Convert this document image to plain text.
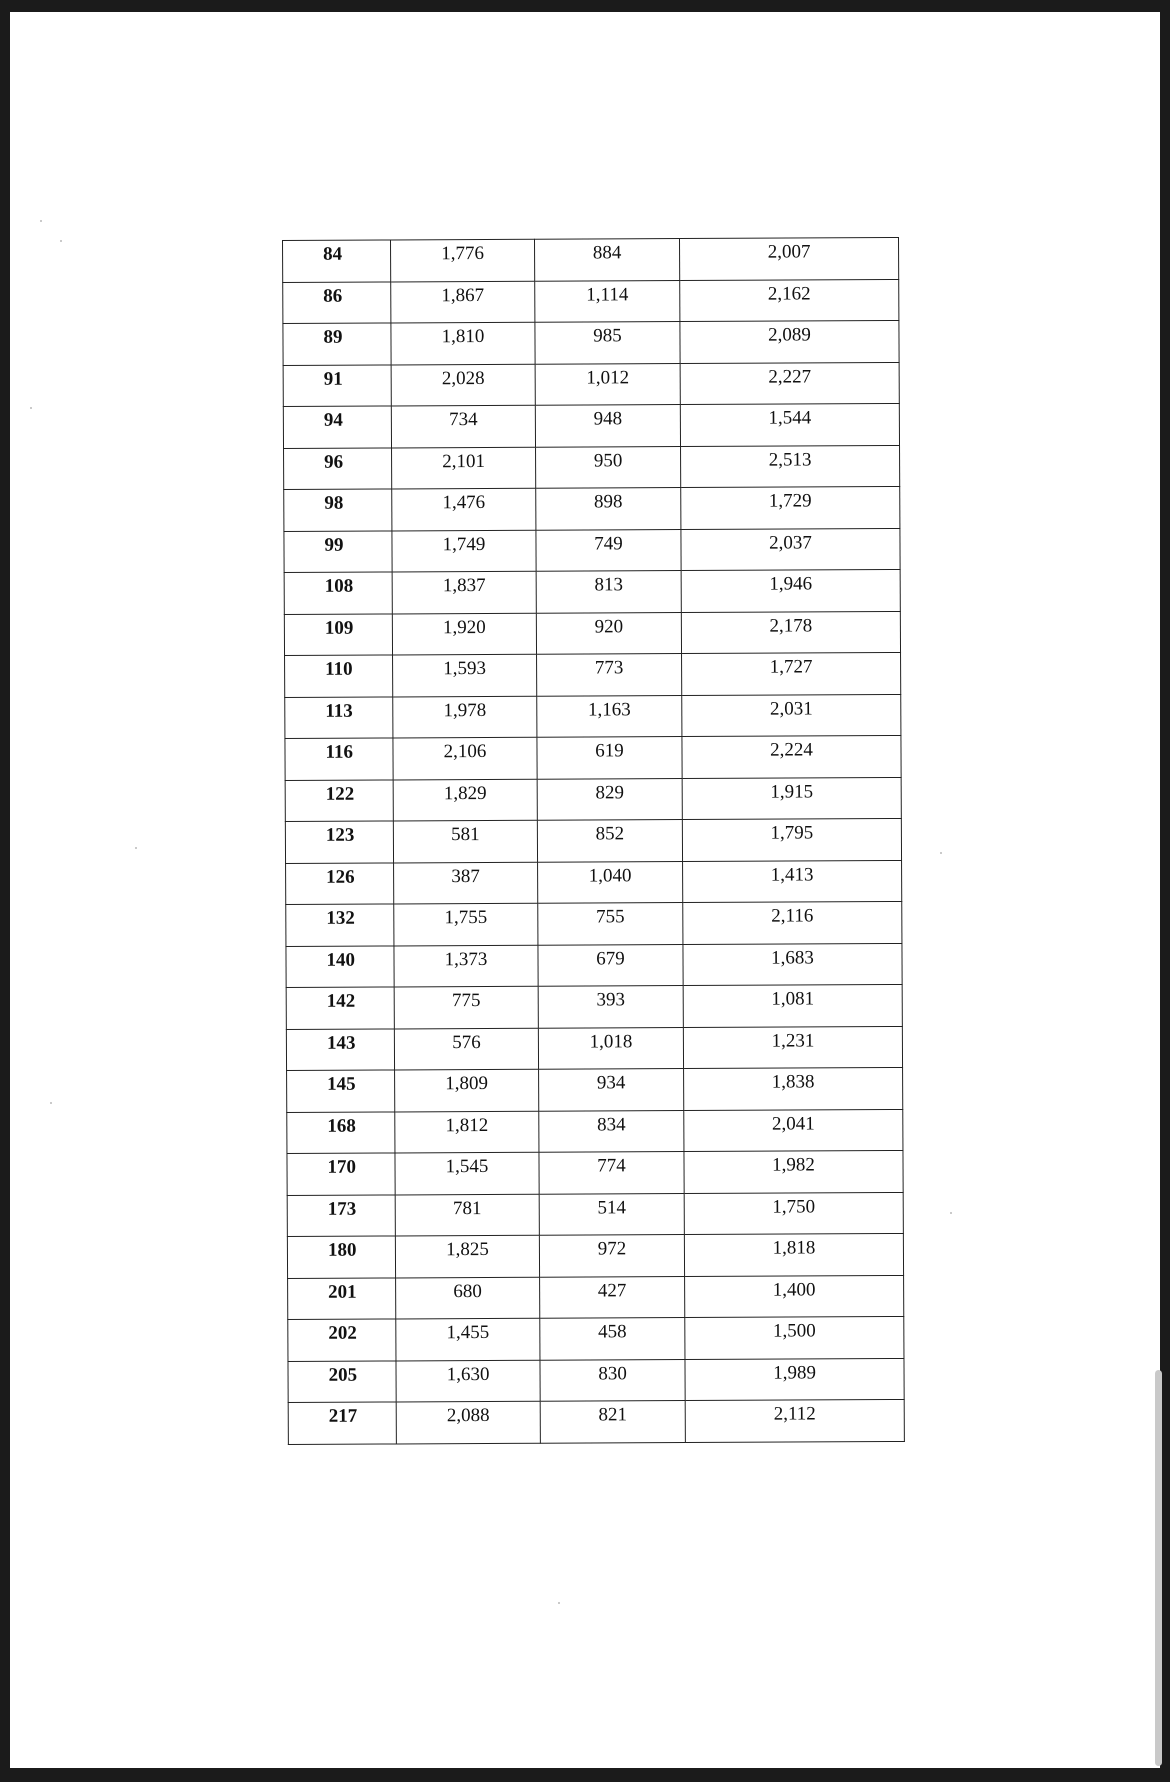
84	1,776	884	2,007
86	1,867	1,114	2,162
89	1,810	985	2,089
91	2,028	1,012	2,227
94	734	948	1,544
96	2,101	950	2,513
98	1,476	898	1,729
99	1,749	749	2,037
108	1,837	813	1,946
109	1,920	920	2,178
110	1,593	773	1,727
113	1,978	1,163	2,031
116	2,106	619	2,224
122	1,829	829	1,915
123	581	852	1,795
126	387	1,040	1,413
132	1,755	755	2,116
140	1,373	679	1,683
142	775	393	1,081
143	576	1,018	1,231
145	1,809	934	1,838
168	1,812	834	2,041
170	1,545	774	1,982
173	781	514	1,750
180	1,825	972	1,818
201	680	427	1,400
202	1,455	458	1,500
205	1,630	830	1,989
217	2,088	821	2,112
